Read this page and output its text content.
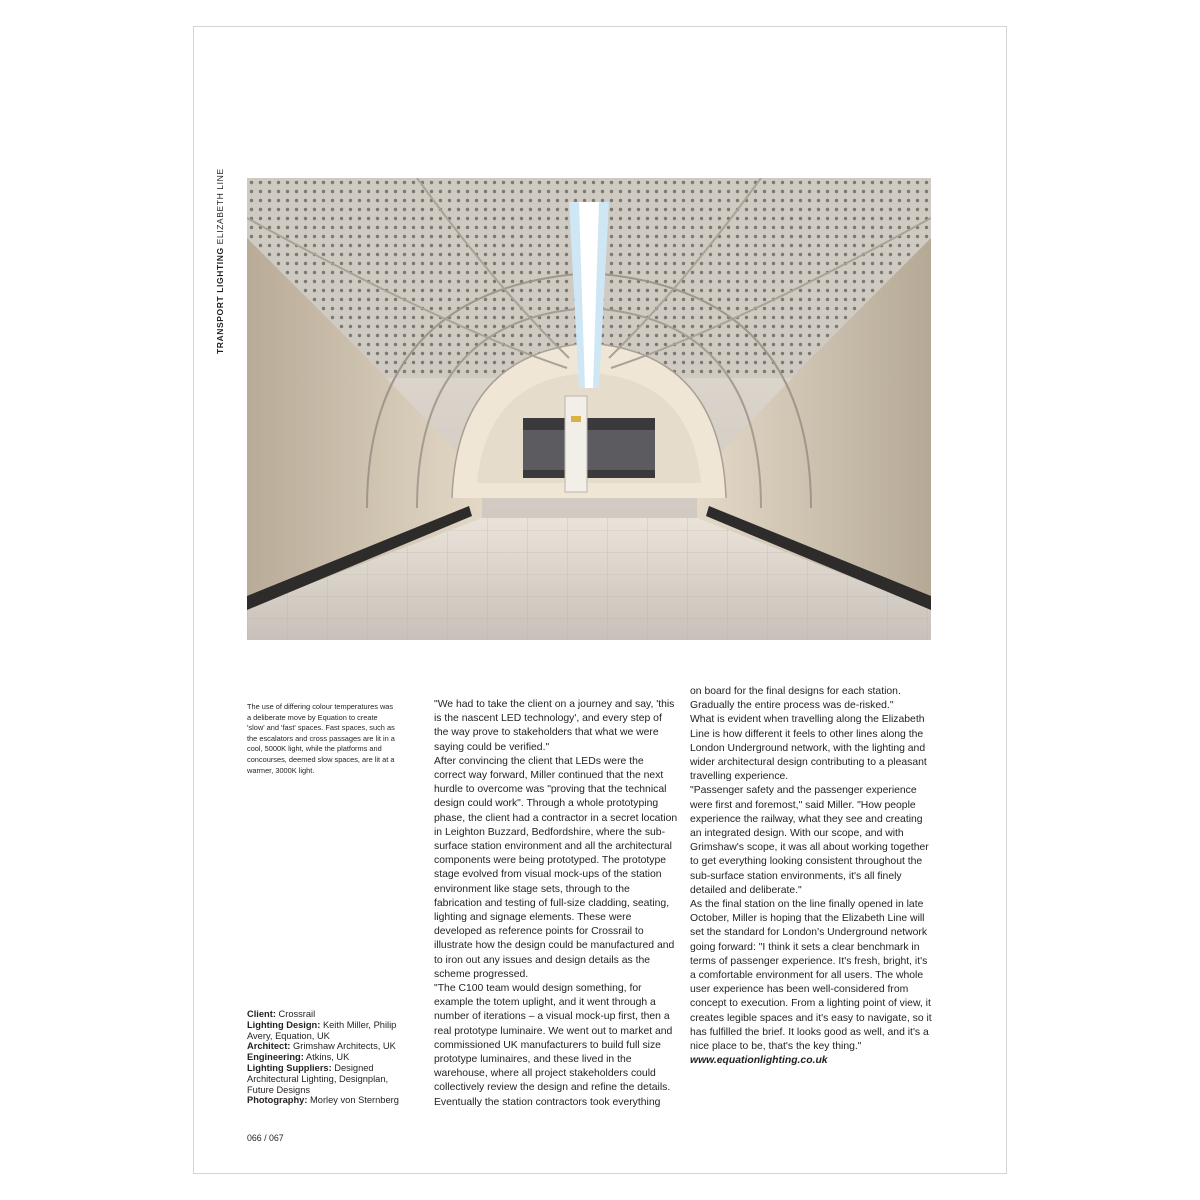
TRANSPORT LIGHTING ELIZABETH LINE
The use of differing colour temperatures was a deliberate move by Equation to create 'slow' and 'fast' spaces. Fast spaces, such as the escalators and cross passages are lit in a cool, 5000K light, while the platforms and concourses, deemed slow spaces, are lit at a warmer, 3000K light.

Client: Crossrail

Lighting Design: Keith Miller, Philip Avery, Equation, UK

Architect: Grimshaw Architects, UK

Engineering: Atkins, UK

Lighting Suppliers: Designed Architectural Lighting, Designplan, Future Designs

Photography: Morley von Sternberg

"We had to take the client on a journey and say, 'this is the nascent LED technology', and every step of the way prove to stakeholders that what we were saying could be verified."

After convincing the client that LEDs were the correct way forward, Miller continued that the next hurdle to overcome was "proving that the technical design could work". Through a whole prototyping phase, the client had a contractor in a secret location in Leighton Buzzard, Bedfordshire, where the sub-surface station environment and all the architectural components were being prototyped. The prototype stage evolved from visual mock-ups of the station environment like stage sets, through to the fabrication and testing of full-size cladding, seating, lighting and signage elements. These were developed as reference points for Crossrail to illustrate how the design could be manufactured and to iron out any issues and design details as the scheme progressed.

"The C100 team would design something, for example the totem uplight, and it went through a number of iterations – a visual mock-up first, then a real prototype luminaire. We went out to market and commissioned UK manufacturers to build full size prototype luminaires, and these lived in the warehouse, where all project stakeholders could collectively review the design and refine the details. Eventually the station contractors took everything

on board for the final designs for each station. Gradually the entire process was de-risked."

What is evident when travelling along the Elizabeth Line is how different it feels to other lines along the London Underground network, with the lighting and wider architectural design contributing to a pleasant travelling experience.

"Passenger safety and the passenger experience were first and foremost," said Miller. "How people experience the railway, what they see and creating an integrated design. With our scope, and with Grimshaw's scope, it was all about working together to get everything looking consistent throughout the sub-surface station environments, it's all finely detailed and deliberate."

As the final station on the line finally opened in late October, Miller is hoping that the Elizabeth Line will set the standard for London's Underground network going forward: "I think it sets a clear benchmark in terms of passenger experience. It's fresh, bright, it's a comfortable environment for all users. The whole user experience has been well-considered from concept to execution. From a lighting point of view, it creates legible spaces and it's easy to navigate, so it has fulfilled the brief. It looks good as well, and it's a nice place to be, that's the key thing."

www.equationlighting.co.uk

066 / 067
